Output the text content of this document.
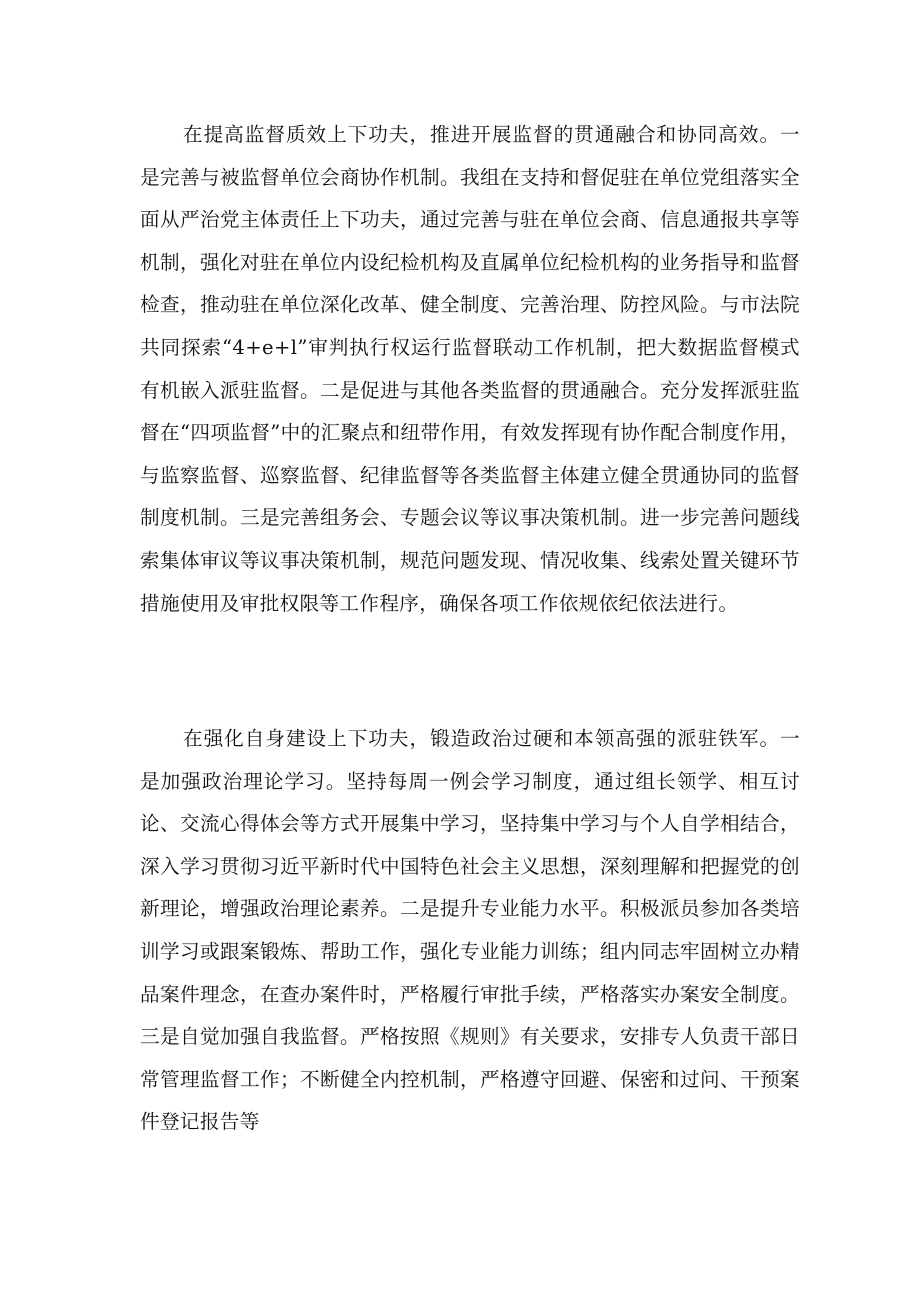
在提高监督质效上下功夫，推进开展监督的贯通融合和协同高效。一是完善与被监督单位会商协作机制。我组在支持和督促驻在单位党组落实全面从严治党主体责任上下功夫，通过完善与驻在单位会商、信息通报共享等机制，强化对驻在单位内设纪检机构及直属单位纪检机构的业务指导和监督检查，推动驻在单位深化改革、健全制度、完善治理、防控风险。与市法院共同探索“4+e+l”审判执行权运行监督联动工作机制，把大数据监督模式有机嵌入派驻监督。二是促进与其他各类监督的贯通融合。充分发挥派驻监督在“四项监督”中的汇聚点和纽带作用，有效发挥现有协作配合制度作用，与监察监督、巡察监督、纪律监督等各类监督主体建立健全贯通协同的监督制度机制。三是完善组务会、专题会议等议事决策机制。进一步完善问题线索集体审议等议事决策机制，规范问题发现、情况收集、线索处置关键环节措施使用及审批权限等工作程序，确保各项工作依规依纪依法进行。

在强化自身建设上下功夫，锻造政治过硬和本领高强的派驻铁军。一是加强政治理论学习。坚持每周一例会学习制度，通过组长领学、相互讨论、交流心得体会等方式开展集中学习，坚持集中学习与个人自学相结合，深入学习贯彻习近平新时代中国特色社会主义思想，深刻理解和把握党的创新理论，增强政治理论素养。二是提升专业能力水平。积极派员参加各类培训学习或跟案锻炼、帮助工作，强化专业能力训练；组内同志牢固树立办精品案件理念，在查办案件时，严格履行审批手续，严格落实办案安全制度。三是自觉加强自我监督。严格按照《规则》有关要求，安排专人负责干部日常管理监督工作；不断健全内控机制，严格遵守回避、保密和过问、干预案件登记报告等
